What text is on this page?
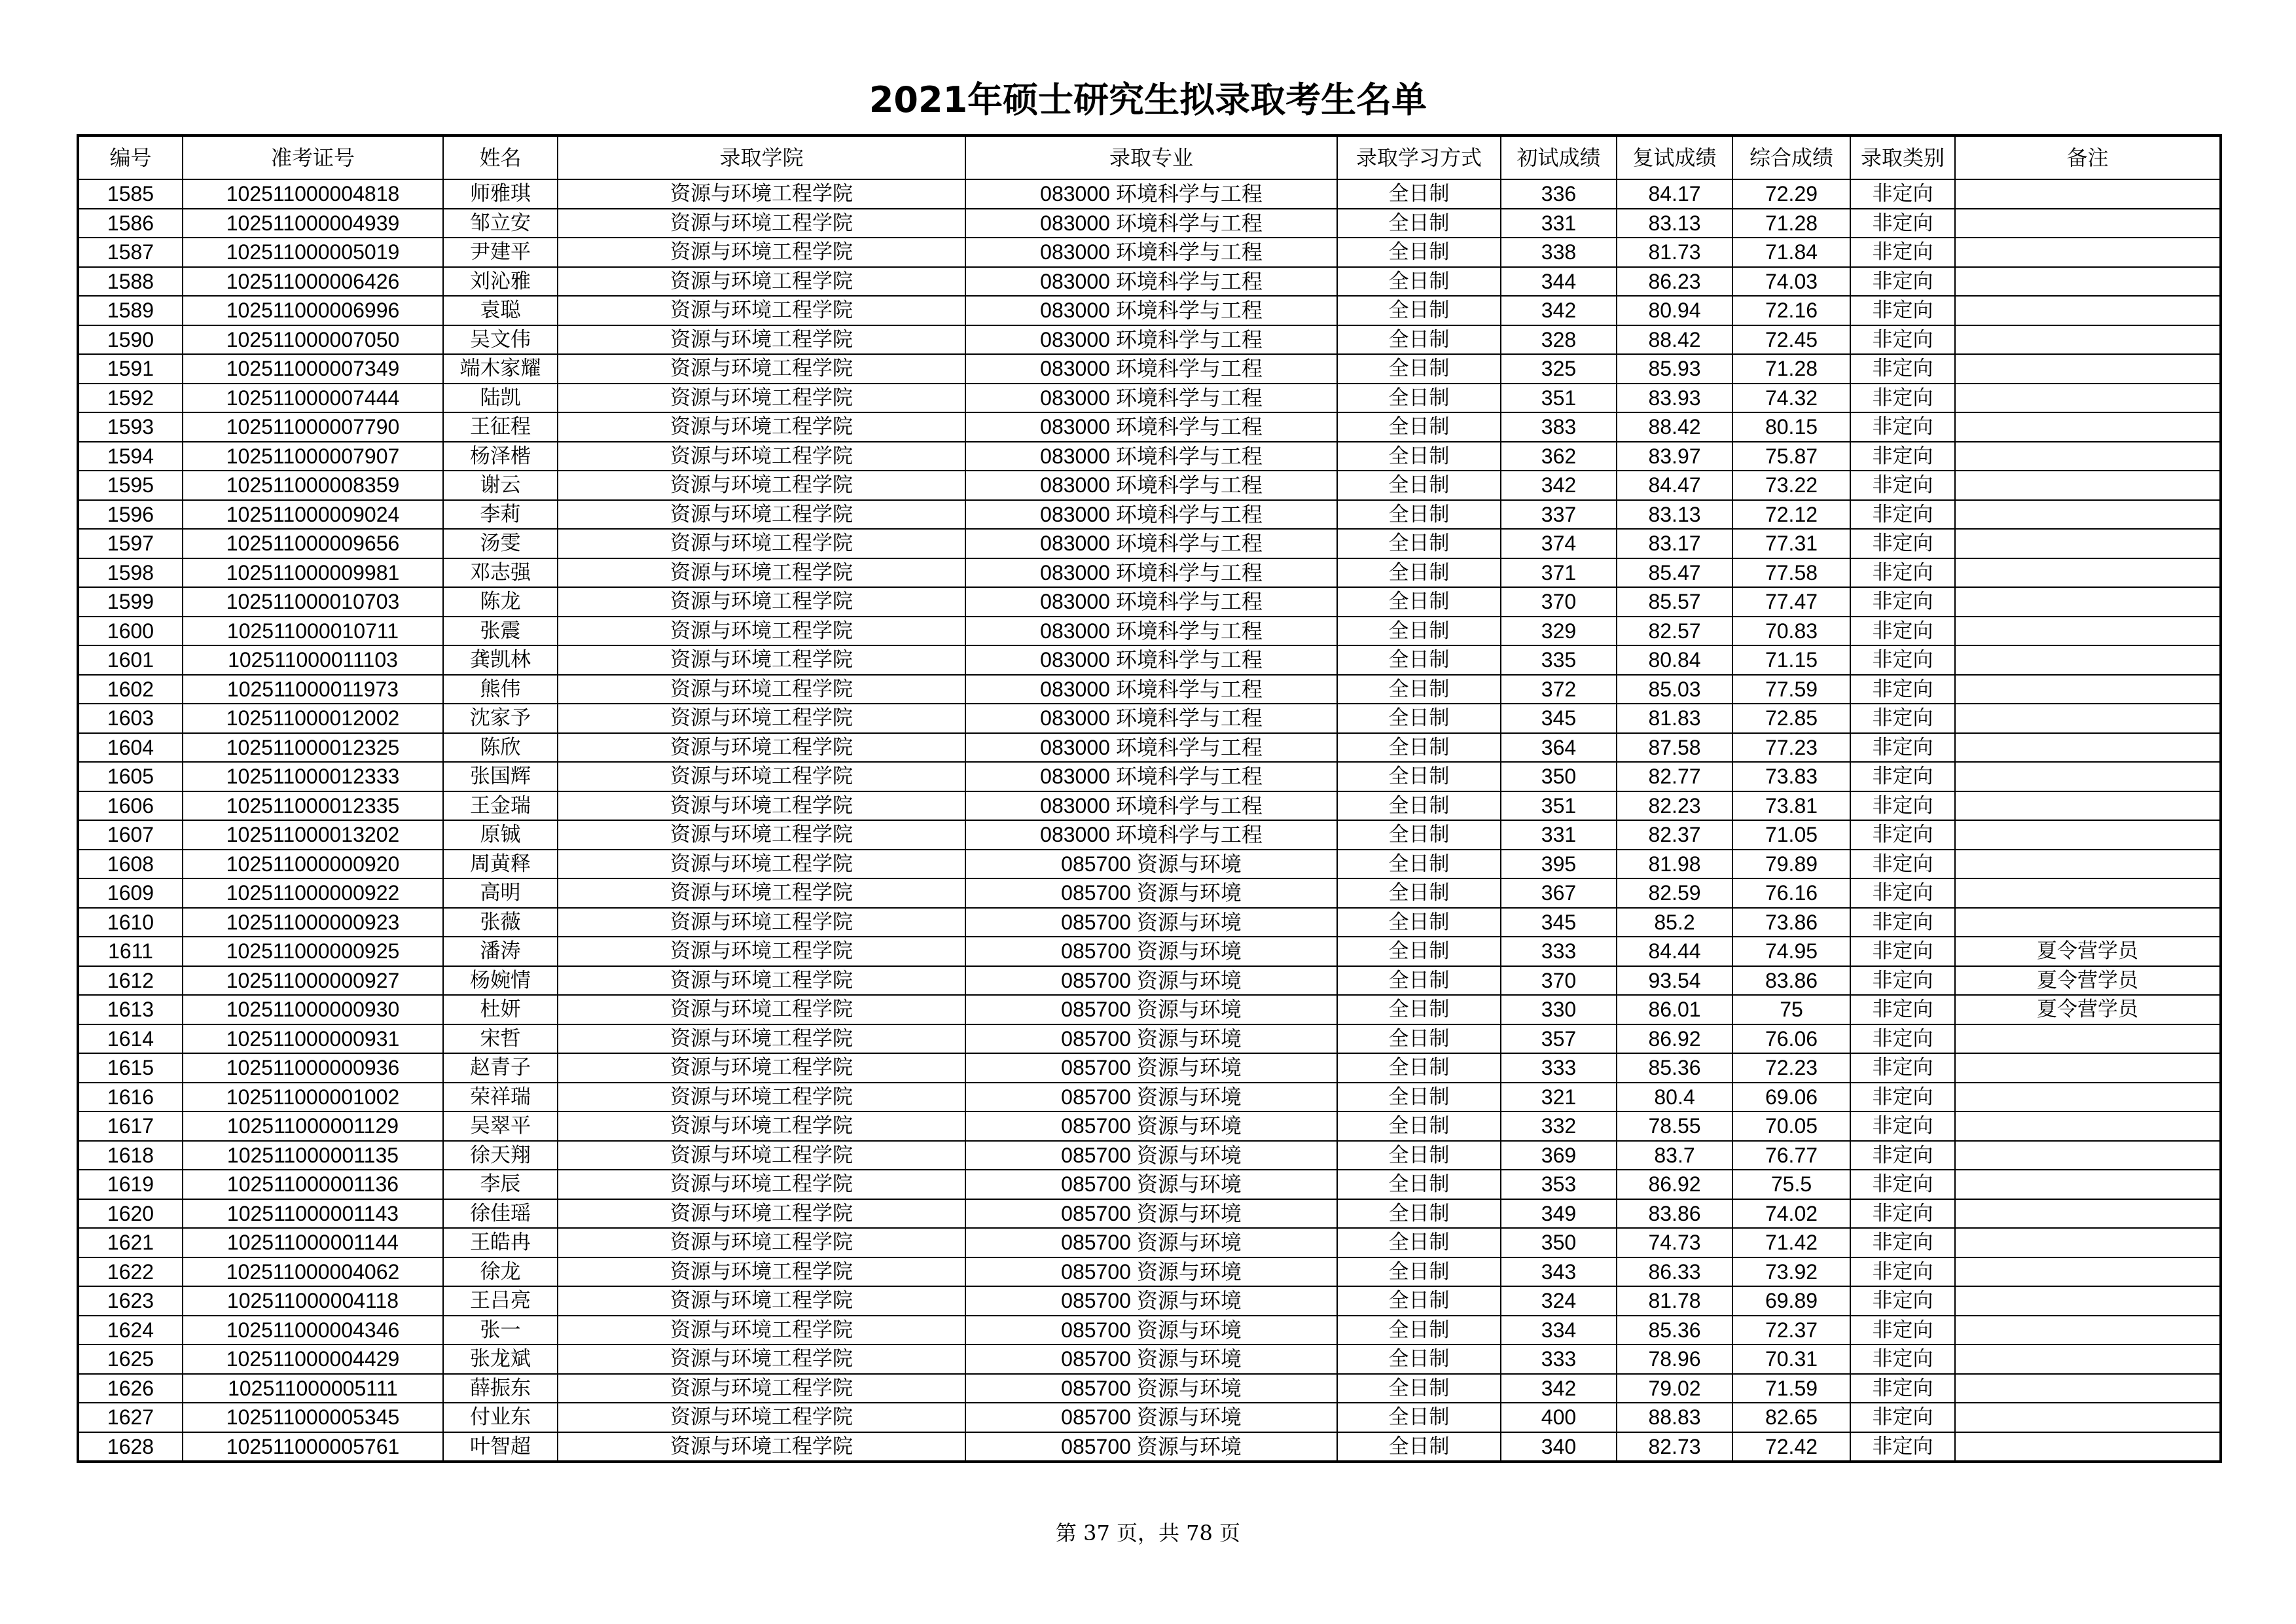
2021年硕士研究生拟录取考生名单
编号	准考证号	姓名	录取学院	录取专业	录取学习方式	初试成绩	复试成绩	综合成绩	录取类别	备注
1585	102511000004818	师雅琪	资源与环境工程学院	083000 环境科学与工程	全日制	336	84.17	72.29	非定向	
1586	102511000004939	邹立安	资源与环境工程学院	083000 环境科学与工程	全日制	331	83.13	71.28	非定向	
1587	102511000005019	尹建平	资源与环境工程学院	083000 环境科学与工程	全日制	338	81.73	71.84	非定向	
1588	102511000006426	刘沁雅	资源与环境工程学院	083000 环境科学与工程	全日制	344	86.23	74.03	非定向	
1589	102511000006996	袁聪	资源与环境工程学院	083000 环境科学与工程	全日制	342	80.94	72.16	非定向	
1590	102511000007050	吴文伟	资源与环境工程学院	083000 环境科学与工程	全日制	328	88.42	72.45	非定向	
1591	102511000007349	端木家耀	资源与环境工程学院	083000 环境科学与工程	全日制	325	85.93	71.28	非定向	
1592	102511000007444	陆凯	资源与环境工程学院	083000 环境科学与工程	全日制	351	83.93	74.32	非定向	
1593	102511000007790	王征程	资源与环境工程学院	083000 环境科学与工程	全日制	383	88.42	80.15	非定向	
1594	102511000007907	杨泽楷	资源与环境工程学院	083000 环境科学与工程	全日制	362	83.97	75.87	非定向	
1595	102511000008359	谢云	资源与环境工程学院	083000 环境科学与工程	全日制	342	84.47	73.22	非定向	
1596	102511000009024	李莉	资源与环境工程学院	083000 环境科学与工程	全日制	337	83.13	72.12	非定向	
1597	102511000009656	汤雯	资源与环境工程学院	083000 环境科学与工程	全日制	374	83.17	77.31	非定向	
1598	102511000009981	邓志强	资源与环境工程学院	083000 环境科学与工程	全日制	371	85.47	77.58	非定向	
1599	102511000010703	陈龙	资源与环境工程学院	083000 环境科学与工程	全日制	370	85.57	77.47	非定向	
1600	102511000010711	张震	资源与环境工程学院	083000 环境科学与工程	全日制	329	82.57	70.83	非定向	
1601	102511000011103	龚凯林	资源与环境工程学院	083000 环境科学与工程	全日制	335	80.84	71.15	非定向	
1602	102511000011973	熊伟	资源与环境工程学院	083000 环境科学与工程	全日制	372	85.03	77.59	非定向	
1603	102511000012002	沈家予	资源与环境工程学院	083000 环境科学与工程	全日制	345	81.83	72.85	非定向	
1604	102511000012325	陈欣	资源与环境工程学院	083000 环境科学与工程	全日制	364	87.58	77.23	非定向	
1605	102511000012333	张国辉	资源与环境工程学院	083000 环境科学与工程	全日制	350	82.77	73.83	非定向	
1606	102511000012335	王金瑞	资源与环境工程学院	083000 环境科学与工程	全日制	351	82.23	73.81	非定向	
1607	102511000013202	原铖	资源与环境工程学院	083000 环境科学与工程	全日制	331	82.37	71.05	非定向	
1608	102511000000920	周黄释	资源与环境工程学院	085700 资源与环境	全日制	395	81.98	79.89	非定向	
1609	102511000000922	高明	资源与环境工程学院	085700 资源与环境	全日制	367	82.59	76.16	非定向	
1610	102511000000923	张薇	资源与环境工程学院	085700 资源与环境	全日制	345	85.2	73.86	非定向	
1611	102511000000925	潘涛	资源与环境工程学院	085700 资源与环境	全日制	333	84.44	74.95	非定向	夏令营学员
1612	102511000000927	杨婉情	资源与环境工程学院	085700 资源与环境	全日制	370	93.54	83.86	非定向	夏令营学员
1613	102511000000930	杜妍	资源与环境工程学院	085700 资源与环境	全日制	330	86.01	75	非定向	夏令营学员
1614	102511000000931	宋哲	资源与环境工程学院	085700 资源与环境	全日制	357	86.92	76.06	非定向	
1615	102511000000936	赵青子	资源与环境工程学院	085700 资源与环境	全日制	333	85.36	72.23	非定向	
1616	102511000001002	荣祥瑞	资源与环境工程学院	085700 资源与环境	全日制	321	80.4	69.06	非定向	
1617	102511000001129	吴翠平	资源与环境工程学院	085700 资源与环境	全日制	332	78.55	70.05	非定向	
1618	102511000001135	徐天翔	资源与环境工程学院	085700 资源与环境	全日制	369	83.7	76.77	非定向	
1619	102511000001136	李辰	资源与环境工程学院	085700 资源与环境	全日制	353	86.92	75.5	非定向	
1620	102511000001143	徐佳瑶	资源与环境工程学院	085700 资源与环境	全日制	349	83.86	74.02	非定向	
1621	102511000001144	王皓冉	资源与环境工程学院	085700 资源与环境	全日制	350	74.73	71.42	非定向	
1622	102511000004062	徐龙	资源与环境工程学院	085700 资源与环境	全日制	343	86.33	73.92	非定向	
1623	102511000004118	王吕亮	资源与环境工程学院	085700 资源与环境	全日制	324	81.78	69.89	非定向	
1624	102511000004346	张一	资源与环境工程学院	085700 资源与环境	全日制	334	85.36	72.37	非定向	
1625	102511000004429	张龙斌	资源与环境工程学院	085700 资源与环境	全日制	333	78.96	70.31	非定向	
1626	102511000005111	薛振东	资源与环境工程学院	085700 资源与环境	全日制	342	79.02	71.59	非定向	
1627	102511000005345	付业东	资源与环境工程学院	085700 资源与环境	全日制	400	88.83	82.65	非定向	
1628	102511000005761	叶智超	资源与环境工程学院	085700 资源与环境	全日制	340	82.73	72.42	非定向	
第 37 页，共 78 页
